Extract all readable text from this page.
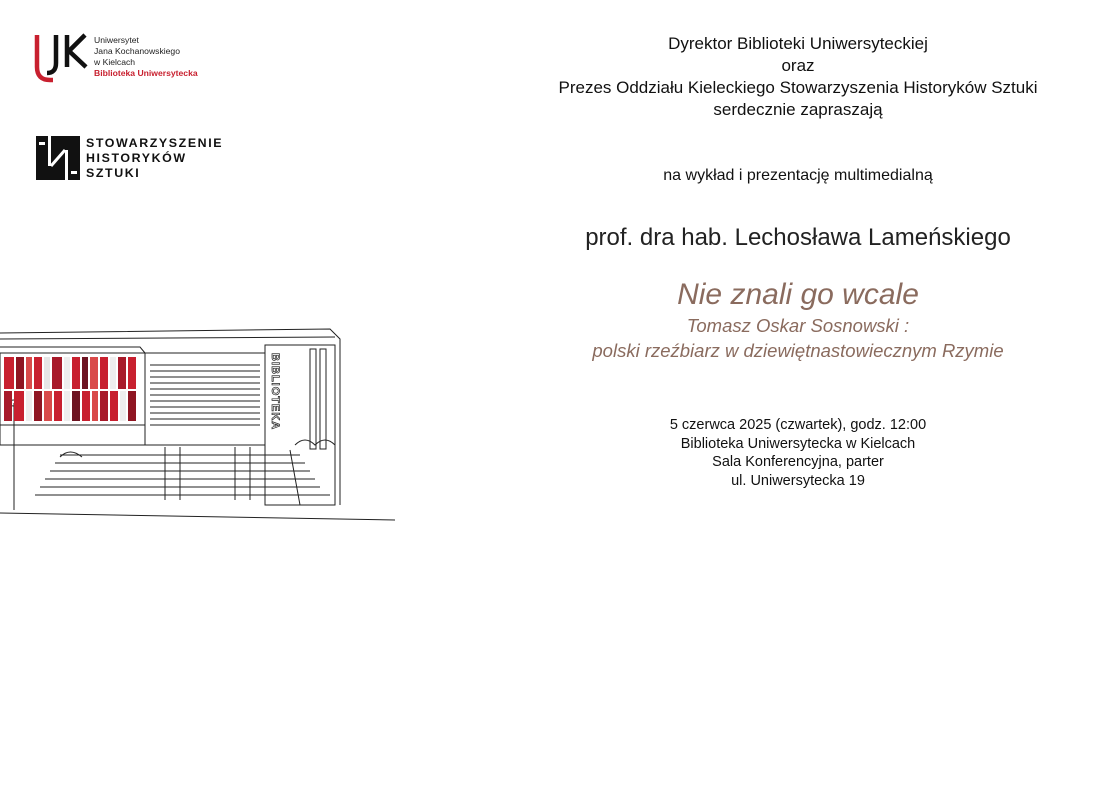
Uniwersytet
Jana Kochanowskiego
w Kielcach
Biblioteka Uniwersytecka
STOWARZYSZENIE
HISTORYKÓW
SZTUKI
BIBLIOTEKA
Dyrektor Biblioteki Uniwersyteckiej
oraz
Prezes Oddziału Kieleckiego Stowarzyszenia Historyków Sztuki
serdecznie zapraszają
na wykład i prezentację multimedialną
prof. dra hab. Lechosława Lameńskiego
Nie znali go wcale
Tomasz Oskar Sosnowski :
polski rzeźbiarz w dziewiętnastowiecznym Rzymie
5 czerwca 2025 (czwartek), godz. 12:00
Biblioteka Uniwersytecka w Kielcach
Sala Konferencyjna, parter
ul. Uniwersytecka 19
